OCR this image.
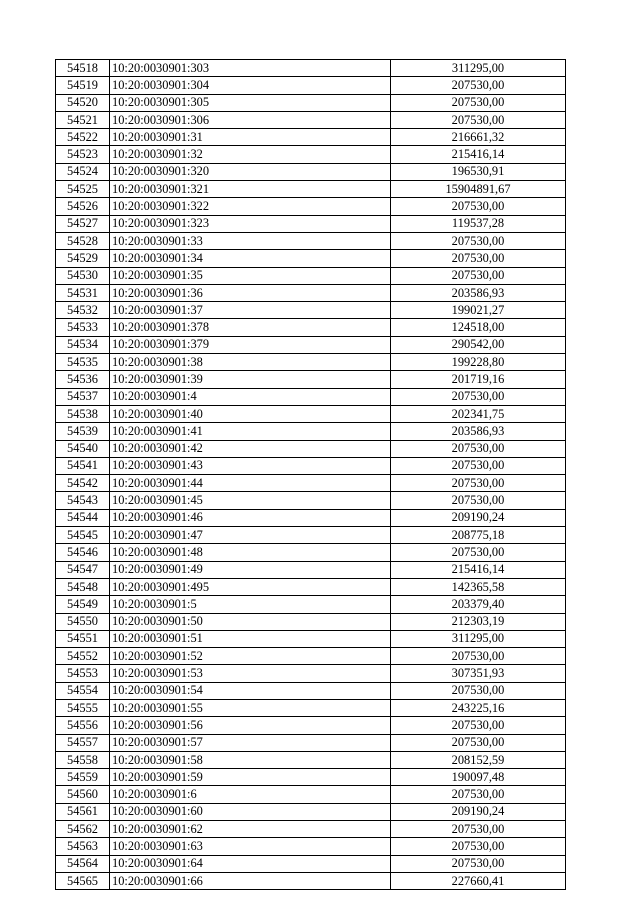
54518	10:20:0030901:303	311295,00
54519	10:20:0030901:304	207530,00
54520	10:20:0030901:305	207530,00
54521	10:20:0030901:306	207530,00
54522	10:20:0030901:31	216661,32
54523	10:20:0030901:32	215416,14
54524	10:20:0030901:320	196530,91
54525	10:20:0030901:321	15904891,67
54526	10:20:0030901:322	207530,00
54527	10:20:0030901:323	119537,28
54528	10:20:0030901:33	207530,00
54529	10:20:0030901:34	207530,00
54530	10:20:0030901:35	207530,00
54531	10:20:0030901:36	203586,93
54532	10:20:0030901:37	199021,27
54533	10:20:0030901:378	124518,00
54534	10:20:0030901:379	290542,00
54535	10:20:0030901:38	199228,80
54536	10:20:0030901:39	201719,16
54537	10:20:0030901:4	207530,00
54538	10:20:0030901:40	202341,75
54539	10:20:0030901:41	203586,93
54540	10:20:0030901:42	207530,00
54541	10:20:0030901:43	207530,00
54542	10:20:0030901:44	207530,00
54543	10:20:0030901:45	207530,00
54544	10:20:0030901:46	209190,24
54545	10:20:0030901:47	208775,18
54546	10:20:0030901:48	207530,00
54547	10:20:0030901:49	215416,14
54548	10:20:0030901:495	142365,58
54549	10:20:0030901:5	203379,40
54550	10:20:0030901:50	212303,19
54551	10:20:0030901:51	311295,00
54552	10:20:0030901:52	207530,00
54553	10:20:0030901:53	307351,93
54554	10:20:0030901:54	207530,00
54555	10:20:0030901:55	243225,16
54556	10:20:0030901:56	207530,00
54557	10:20:0030901:57	207530,00
54558	10:20:0030901:58	208152,59
54559	10:20:0030901:59	190097,48
54560	10:20:0030901:6	207530,00
54561	10:20:0030901:60	209190,24
54562	10:20:0030901:62	207530,00
54563	10:20:0030901:63	207530,00
54564	10:20:0030901:64	207530,00
54565	10:20:0030901:66	227660,41
